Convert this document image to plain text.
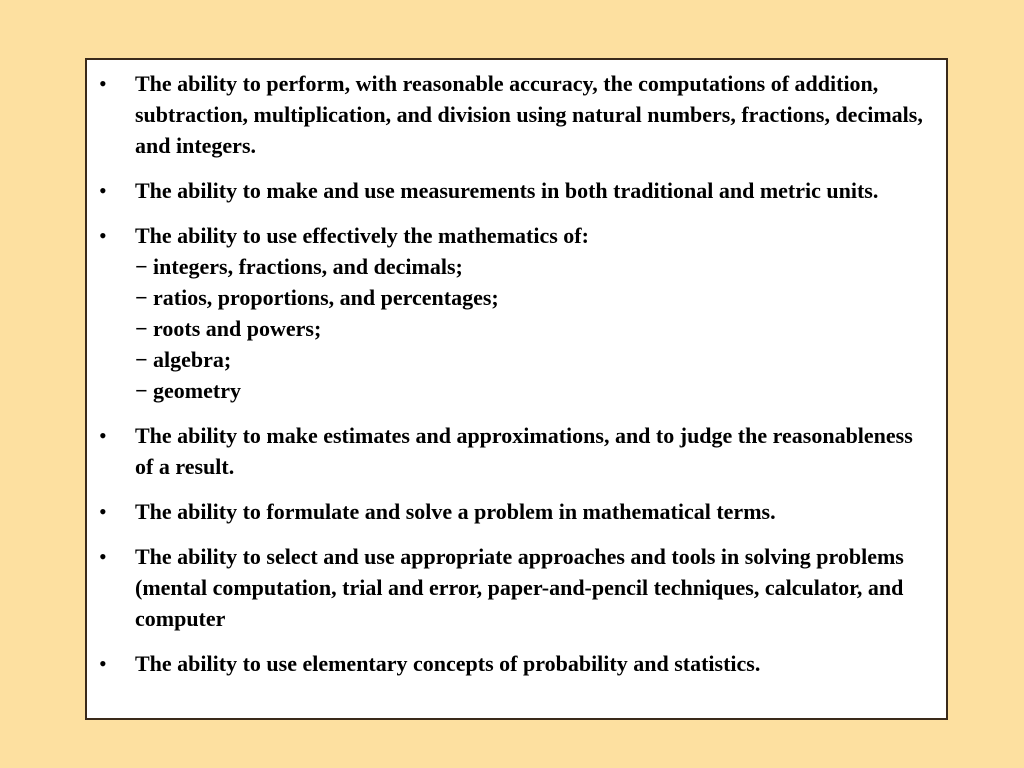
• The ability to perform, with reasonable accuracy, the computations of addition, subtraction, multiplication, and division using natural numbers, fractions, decimals, and integers.
• The ability to make and use measurements in both traditional and metric units.
• The ability to use effectively the mathematics of:
− integers, fractions, and decimals;
− ratios, proportions, and percentages;
− roots and powers;
− algebra;
− geometry
• The ability to make estimates and approximations, and to judge the reasonableness of a result.
• The ability to formulate and solve a problem in mathematical terms.
• The ability to select and use appropriate approaches and tools in solving problems (mental computation, trial and error, paper-and-pencil techniques, calculator, and computer
• The ability to use elementary concepts of probability and statistics.
